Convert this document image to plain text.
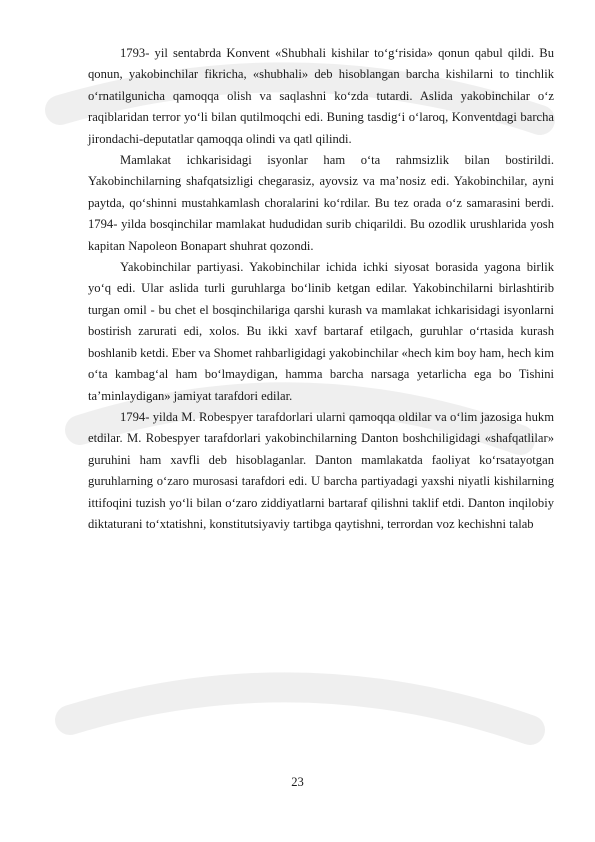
1793- yil sentabrda Konvent «Shubhali kishilar to‘g‘risida» qonun qabul qildi. Bu qonun, yakobinchilar fikricha, «shubhali» deb hisoblangan barcha kishilarni to tinchlik o‘rnatilgunicha qamoqqa olish va saqlashni ko‘zda tutardi. Aslida yakobinchilar o‘z raqiblaridan terror yo‘li bilan qutilmoqchi edi. Buning tasdig‘i o‘laroq, Konventdagi barcha jirondachi-deputatlar qamoqqa olindi va qatl qilindi.

Mamlakat ichkarisidagi isyonlar ham o‘ta rahmsizlik bilan bostirildi. Yakobinchilarning shafqatsizligi chegarasiz, ayovsiz va ma’nosiz edi. Yakobinchilar, ayni paytda, qo‘shinni mustahkamlash choralarini ko‘rdilar. Bu tez orada o‘z samarasini berdi. 1794- yilda bosqinchilar mamlakat hududidan surib chiqarildi. Bu ozodlik urushlarida yosh kapitan Napoleon Bonapart shuhrat qozondi.

Yakobinchilar partiyasi. Yakobinchilar ichida ichki siyosat borasida yagona birlik yo‘q edi. Ular aslida turli guruhlarga bo‘linib ketgan edilar. Yakobinchilarni birlashtirib turgan omil - bu chet el bosqinchilariga qarshi kurash va mamlakat ichkarisidagi isyonlarni bostirish zarurati edi, xolos. Bu ikki xavf bartaraf etilgach, guruhlar o‘rtasida kurash boshlanib ketdi. Eber va Shomet rahbarligidagi yakobinchilar «hech kim boy ham, hech kim o‘ta kambag‘al ham bo‘lmaydigan, hamma barcha narsaga yetarlicha ega bo Tishini ta’minlaydigan» jamiyat tarafdori edilar.

1794- yilda M. Robespyer tarafdorlari ularni qamoqqa oldilar va o‘lim jazosiga hukm etdilar. M. Robespyer tarafdorlari yakobinchilarning Danton boshchiligidagi «shafqatlilar» guruhini ham xavfli deb hisoblaganlar. Danton mamlakatda faoliyat ko‘rsatayotgan guruhlarning o‘zaro murosasi tarafdori edi. U barcha partiyadagi yaxshi niyatli kishilarning ittifoqini tuzish yo‘li bilan o‘zaro ziddiyatlarni bartaraf qilishni taklif etdi. Danton inqilobiy diktaturani to‘xtatishni, konstitutsiyaviy tartibga qaytishni, terrordan voz kechishni talab

23
